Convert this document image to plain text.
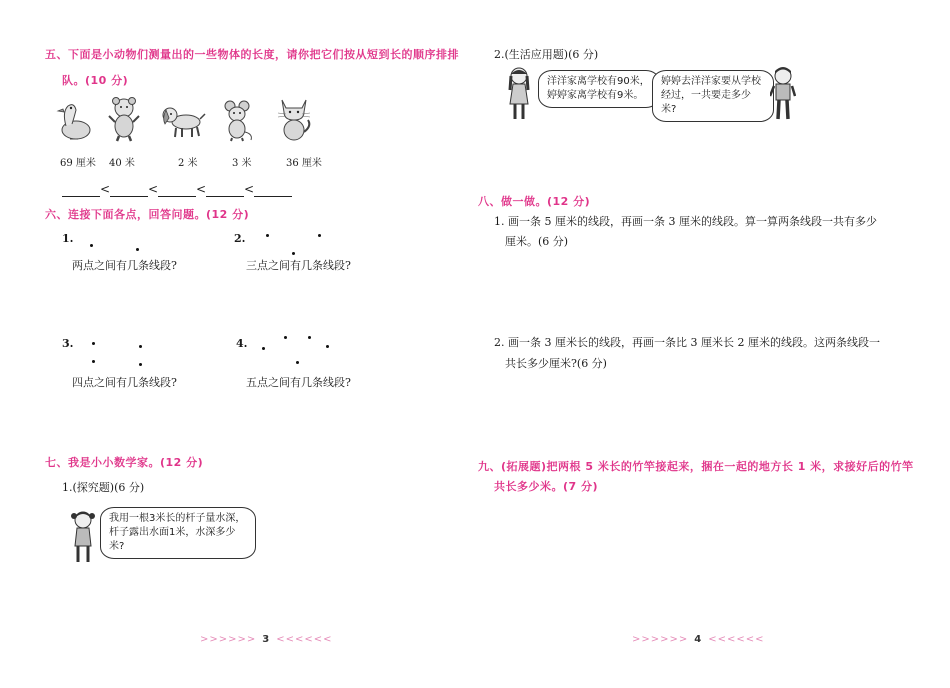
五、下面是小动物们测量出的一些物体的长度，请你把它们按从短到长的顺序排排
队。(10 分)
69 厘米 40 米	2 米	3 米	36 厘米
<	<	<	<
六、连接下面各点，回答问题。(12 分)
1.
两点之间有几条线段?
2.
三点之间有几条线段?
3.
四点之间有几条线段?
4.
五点之间有几条线段?
七、我是小小数学家。(12 分)
1.(探究题)(6 分)
我用一根3米长的杆子量水深，
杆子露出水面1米，水深多少米?
>>>>>> 3 <<<<<<
2.(生活应用题)(6 分)
洋洋家离学校有90米，
婷婷家离学校有9米。
婷婷去洋洋家要从学校
经过，一共要走多少米?
八、做一做。(12 分)
1. 画一条 5 厘米的线段，再画一条 3 厘米的线段。算一算两条线段一共有多少
厘米。(6 分)
2. 画一条 3 厘米长的线段，再画一条比 3 厘米长 2 厘米的线段。这两条线段一
共长多少厘米?(6 分)
九、(拓展题)把两根 5 米长的竹竿接起来，捆在一起的地方长 1 米，求接好后的竹竿
共长多少米。(7 分)
>>>>>> 4 <<<<<<
